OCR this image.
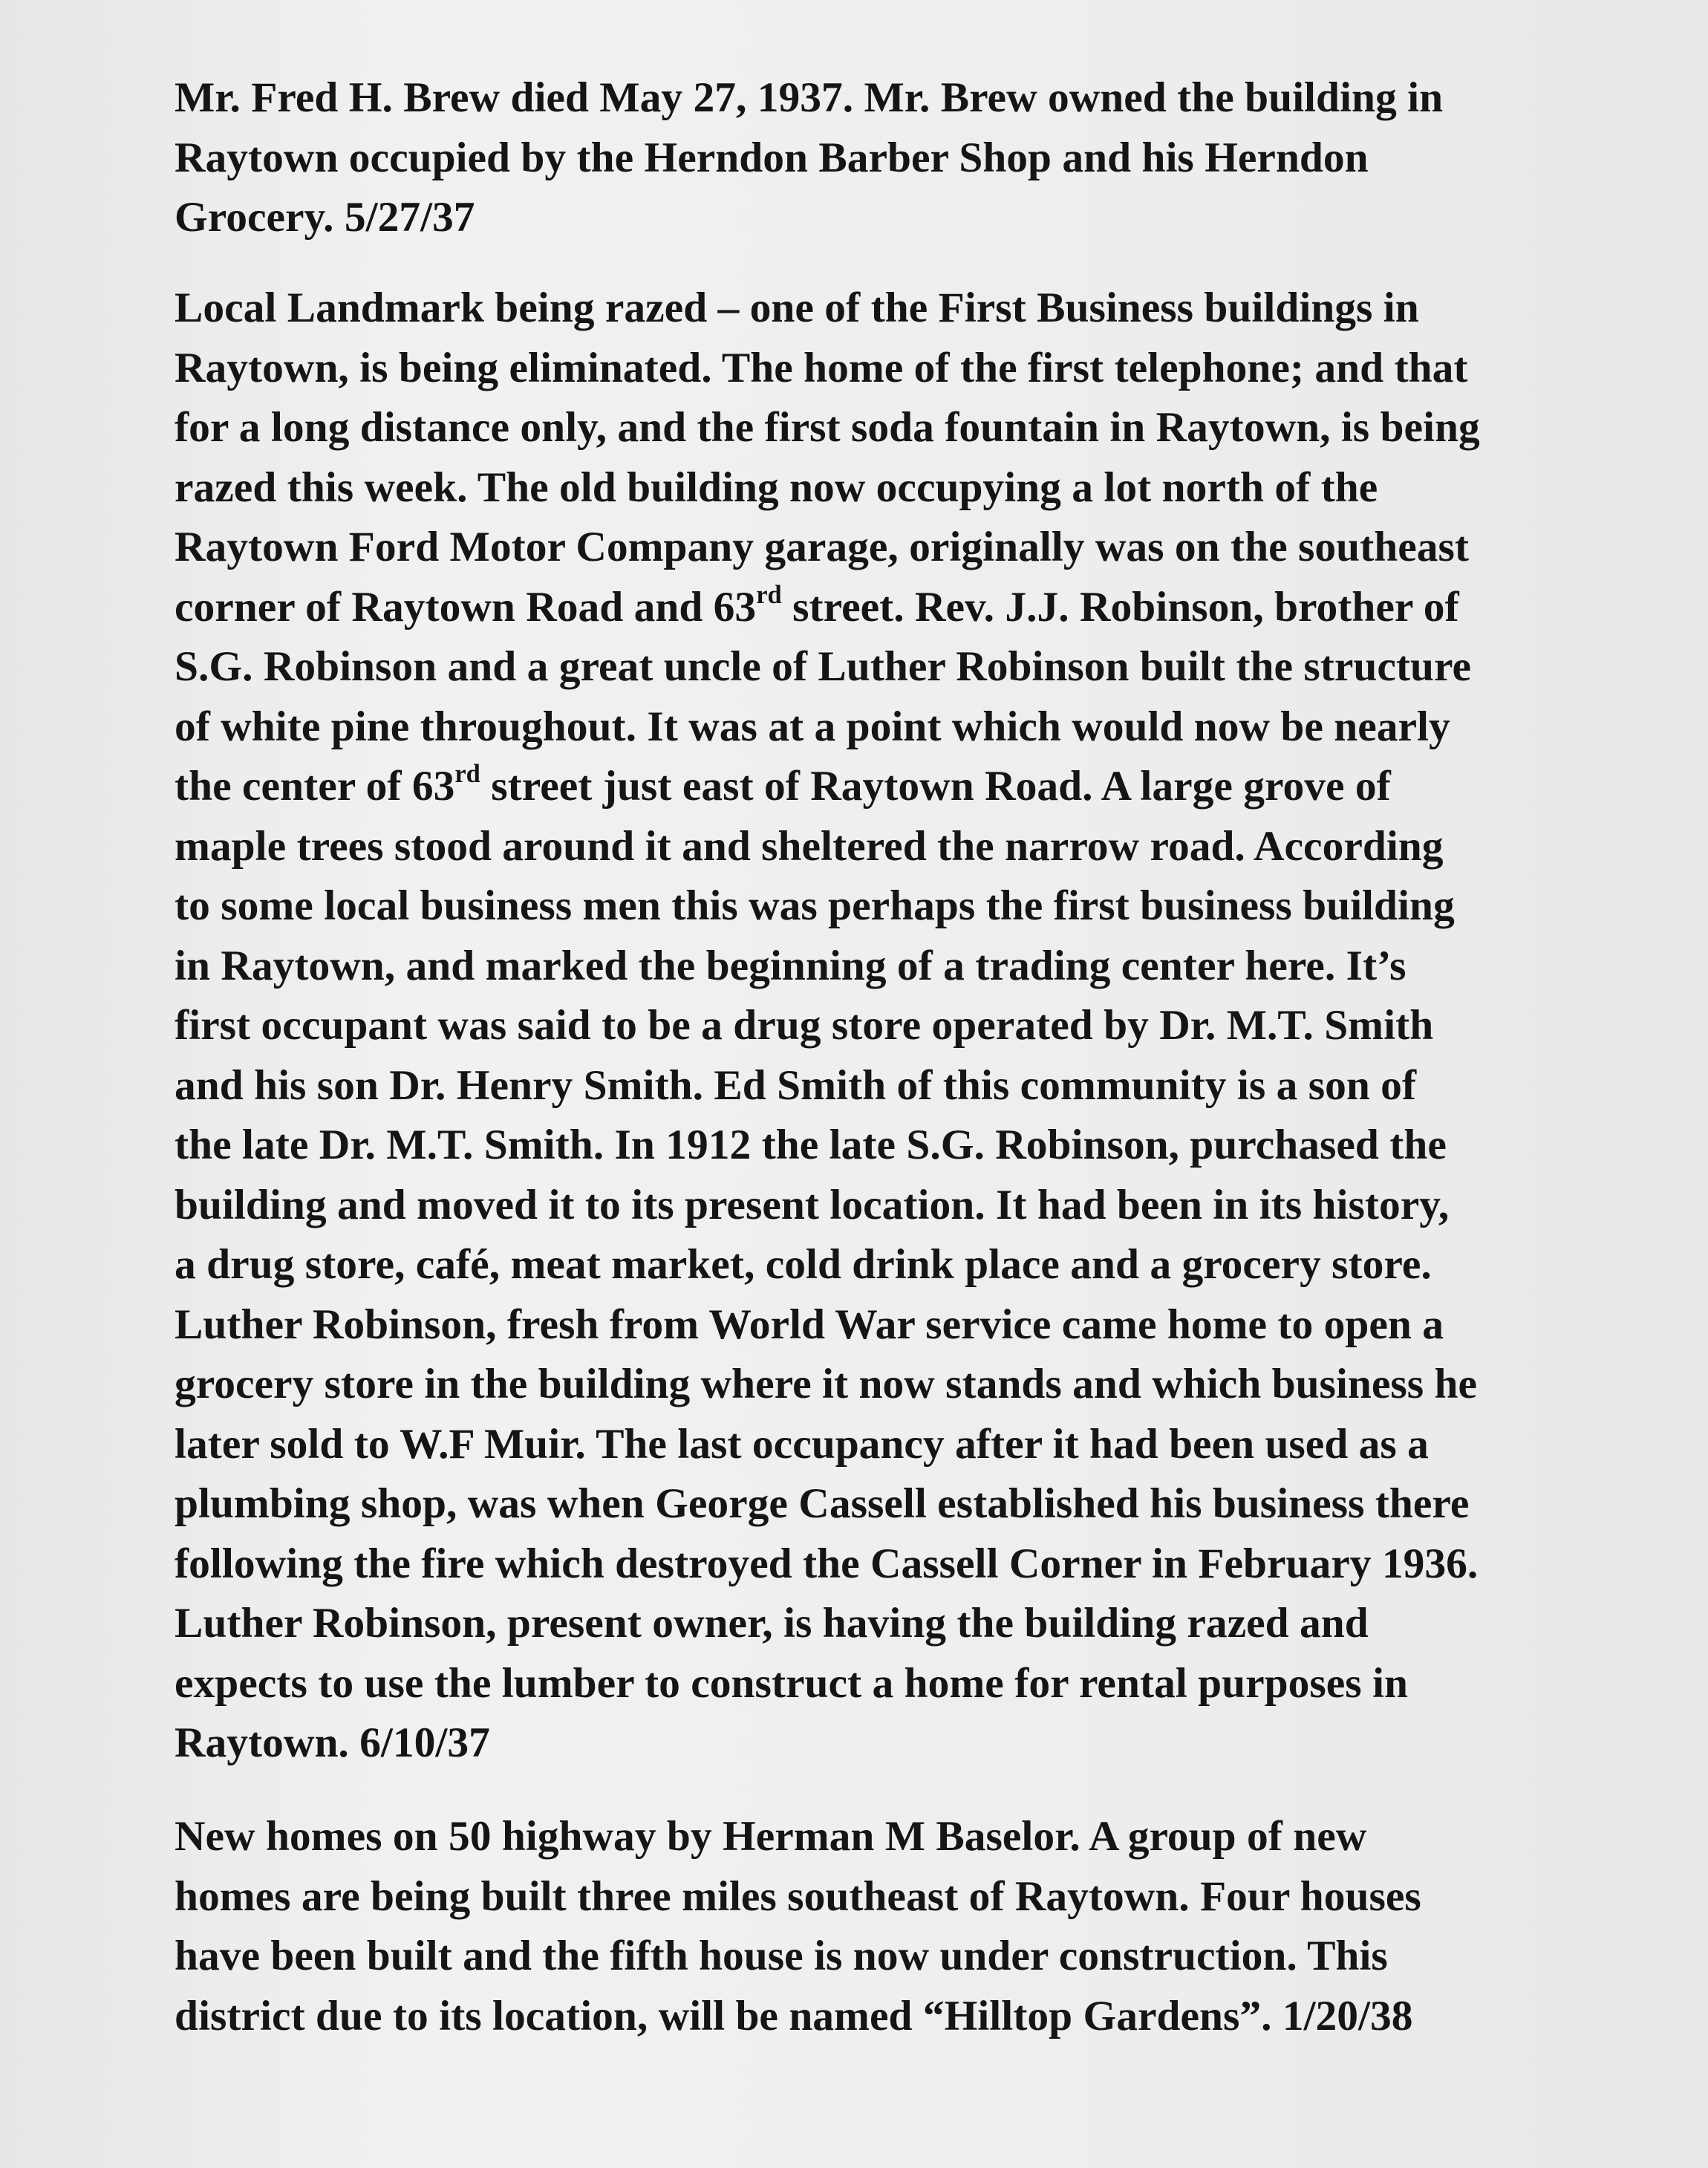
Mr. Fred H. Brew died May 27, 1937. Mr. Brew owned the building in
Raytown occupied by the Herndon Barber Shop and his Herndon
Grocery. 5/27/37
Local Landmark being razed – one of the First Business buildings in
Raytown, is being eliminated. The home of the first telephone; and that
for a long distance only, and the first soda fountain in Raytown, is being
razed this week. The old building now occupying a lot north of the
Raytown Ford Motor Company garage, originally was on the southeast
corner of Raytown Road and 63rd street. Rev. J.J. Robinson, brother of
S.G. Robinson and a great uncle of Luther Robinson built the structure
of white pine throughout. It was at a point which would now be nearly
the center of 63rd street just east of Raytown Road. A large grove of
maple trees stood around it and sheltered the narrow road. According
to some local business men this was perhaps the first business building
in Raytown, and marked the beginning of a trading center here. It’s
first occupant was said to be a drug store operated by Dr. M.T. Smith
and his son Dr. Henry Smith. Ed Smith of this community is a son of
the late Dr. M.T. Smith. In 1912 the late S.G. Robinson, purchased the
building and moved it to its present location. It had been in its history,
a drug store, café, meat market, cold drink place and a grocery store.
Luther Robinson, fresh from World War service came home to open a
grocery store in the building where it now stands and which business he
later sold to W.F Muir. The last occupancy after it had been used as a
plumbing shop, was when George Cassell established his business there
following the fire which destroyed the Cassell Corner in February 1936.
Luther Robinson, present owner, is having the building razed and
expects to use the lumber to construct a home for rental purposes in
Raytown. 6/10/37
New homes on 50 highway by Herman M Baselor. A group of new
homes are being built three miles southeast of Raytown. Four houses
have been built and the fifth house is now under construction. This
district due to its location, will be named “Hilltop Gardens”. 1/20/38
